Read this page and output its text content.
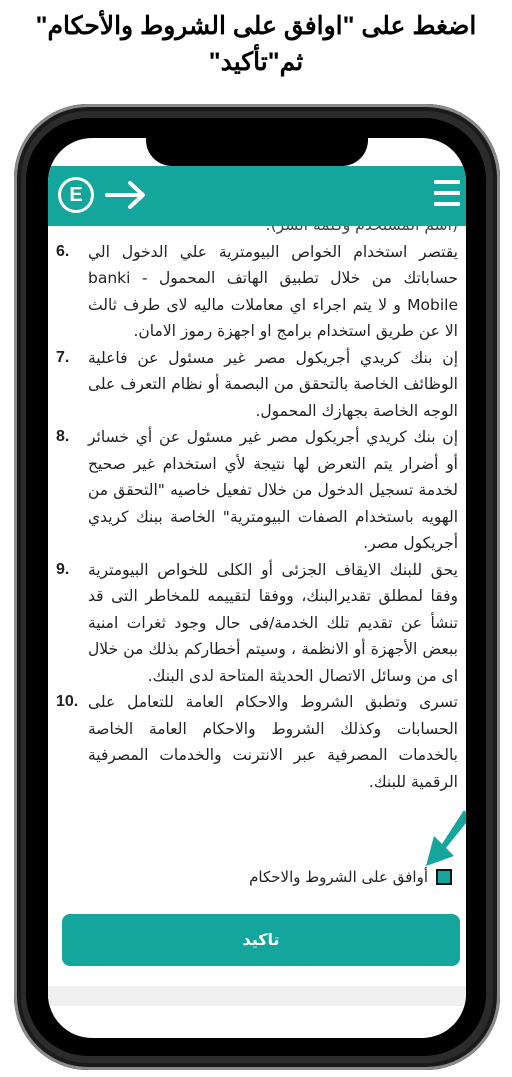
اضغط على "اوافق على الشروط والأحكام"
ثم"تأكيد"
6. يقتصر استخدام الخواص البيومترية علي الدخول الي حساباتك من خلال تطبيق الهاتف المحمول - banki Mobile و لا يتم اجراء اي معاملات ماليه لاى طرف ثالث الا عن طريق استخدام برامج او اجهزة رموز الامان.
7. إن بنك كريدي أجريكول مصر غير مسئول عن فاعلية الوظائف الخاصة بالتحقق من البصمة أو نظام التعرف على الوجه الخاصة بجهازك المحمول.
8. إن بنك كريدي أجريكول مصر غير مسئول عن أي خسائر أو أضرار يتم التعرض لها نتيجة لأي استخدام غير صحيح لخدمة تسجيل الدخول من خلال تفعيل خاصيه "التحقق من الهويه باستخدام الصفات البيومترية" الخاصة ببنك كريدي أجريكول مصر.
9. يحق للبنك الايقاف الجزئى أو الكلى للخواص البيومترية وفقا لمطلق تقديرالبنك، ووفقا لتقييمه للمخاطر التى قد تنشأ عن تقديم تلك الخدمة/فى حال وجود ثغرات امنية ببعض الأجهزة أو الانظمة ، وسيتم أخطاركم بذلك من خلال اى من وسائل الاتصال الحديثة المتاحة لدى البنك.
10. تسرى وتطبق الشروط والاحكام العامة للتعامل على الحسابات وكذلك الشروط والاحكام العامة الخاصة بالخدمات المصرفية عبر الانترنت والخدمات المصرفية الرقمية للبنك.
E
أوافق على الشروط والاحكام
تاكيد
